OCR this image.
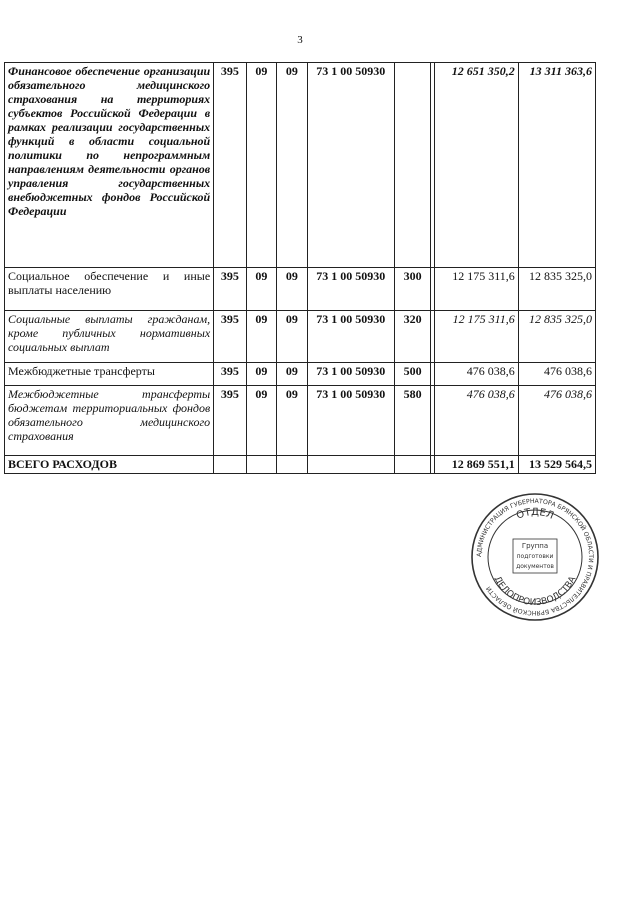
3
Финансовое обеспечение организации обязательного медицинского страхования на территориях субъектов Российской Федерации в рамках реализации государственных функций в области социальной политики по непрограммным направлениям деятельности органов управления государственных внебюджетных фондов Российской Федерации	395	09	09	73 1 00 50930			12 651 350,2	13 311 363,6
Социальное обеспечение и иные выплаты населению	395	09	09	73 1 00 50930	300		12 175 311,6	12 835 325,0
Социальные выплаты гражданам, кроме публичных нормативных социальных выплат	395	09	09	73 1 00 50930	320		12 175 311,6	12 835 325,0
Межбюджетные трансферты	395	09	09	73 1 00 50930	500		476 038,6	476 038,6
Межбюджетные трансферты бюджетам территориальных фондов обязательного медицинского страхования	395	09	09	73 1 00 50930	580		476 038,6	476 038,6
ВСЕГО РАСХОДОВ							12 869 551,1	13 529 564,5
АДМИНИСТРАЦИЯ ГУБЕРНАТОРА БРЯНСКОЙ ОБЛАСТИ И ПРАВИТЕЛЬСТВА БРЯНСКОЙ ОБЛАСТИ
ОТДЕЛ
ДЕЛОПРОИЗВОДСТВА
Группа
подготовки
документов
